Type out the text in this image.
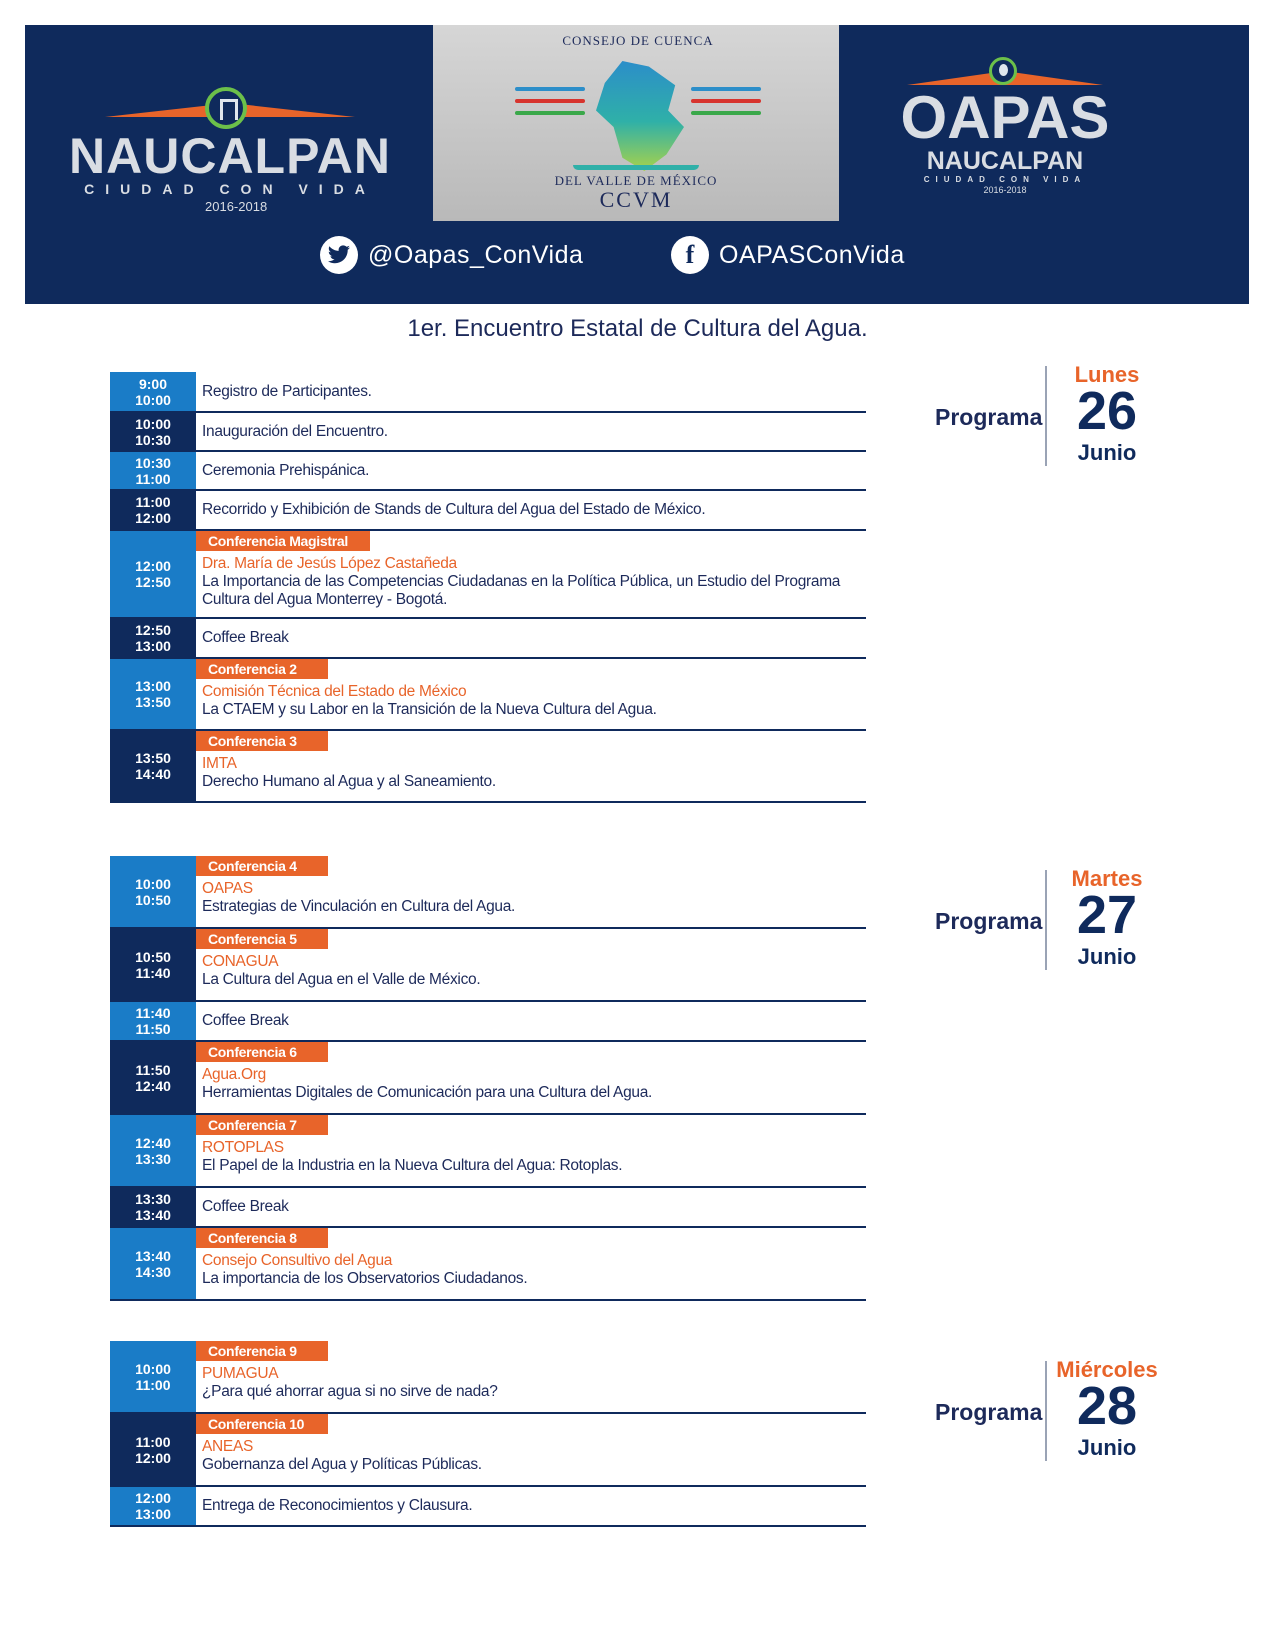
NAUCALPAN
CIUDAD CON VIDA
2016-2018
CONSEJO DE CUENCA
DEL VALLE DE MÉXICO
CCVM
OAPAS
NAUCALPAN
CIUDAD CON VIDA
2016-2018
@Oapas_ConVida	f OAPASConVida
1er. Encuentro Estatal de Cultura del Agua.
9:00
10:00 Registro de Participantes.
10:00
10:30 Inauguración del Encuentro.
10:30
11:00 Ceremonia Prehispánica.
11:00
12:00 Recorrido y Exhibición de Stands de Cultura del Agua del Estado de México.
12:00
12:50
Conferencia Magistral
Dra. María de Jesús López Castañeda
La Importancia de las Competencias Ciudadanas en la Política Pública, un Estudio del Programa Cultura del Agua Monterrey - Bogotá.
12:50
13:00 Coffee Break
13:00
13:50
Conferencia 2
Comisión Técnica del Estado de México
La CTAEM y su Labor en la Transición de la Nueva Cultura del Agua.
13:50
14:40
Conferencia 3
IMTA
Derecho Humano al Agua y al Saneamiento.
Programa
Lunes
26
Junio
10:00
10:50
Conferencia 4
OAPAS
Estrategias de Vinculación en Cultura del Agua.
10:50
11:40
Conferencia 5
CONAGUA
La Cultura del Agua en el Valle de México.
11:40
11:50 Coffee Break
11:50
12:40
Conferencia 6
Agua.Org
Herramientas Digitales de Comunicación para una Cultura del Agua.
12:40
13:30
Conferencia 7
ROTOPLAS
El Papel de la Industria en la Nueva Cultura del Agua: Rotoplas.
13:30
13:40 Coffee Break
13:40
14:30
Conferencia 8
Consejo Consultivo del Agua
La importancia de los Observatorios Ciudadanos.
Programa
Martes
27
Junio
10:00
11:00
Conferencia 9
PUMAGUA
¿Para qué ahorrar agua si no sirve de nada?
11:00
12:00
Conferencia 10
ANEAS
Gobernanza del Agua y Políticas Públicas.
12:00
13:00 Entrega de Reconocimientos y Clausura.
Programa
Miércoles
28
Junio
